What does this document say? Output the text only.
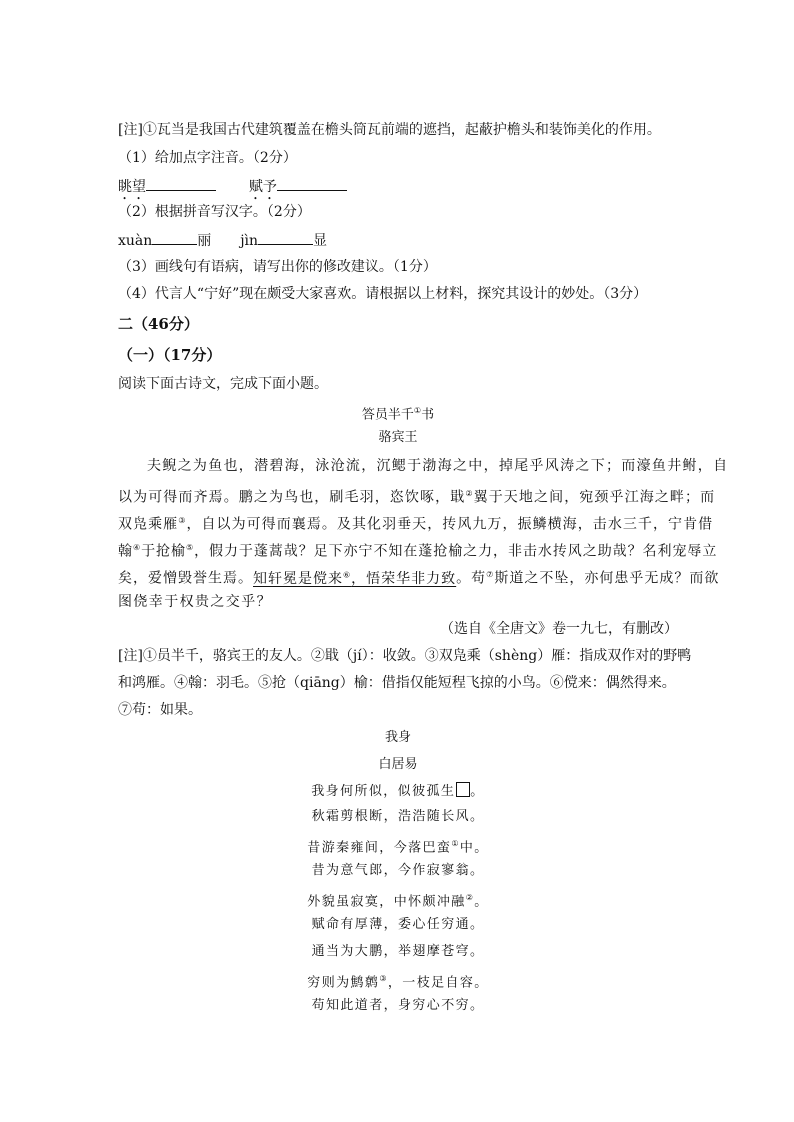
[注]①瓦当是我国古代建筑覆盖在檐头筒瓦前端的遮挡，起蔽护檐头和装饰美化的作用。
（1）给加点字注音。（2分）
眺望	赋予
（2）根据拼音写汉字。（2分）
xuàn	丽 jìn	显
（3）画线句有语病，请写出你的修改建议。（1分）
（4）代言人“宁好”现在颇受大家喜欢。请根据以上材料，探究其设计的妙处。（3分）
二（46分）
（一）（17分）
阅读下面古诗文，完成下面小题。
答员半千①书
骆宾王
夫鲵之为鱼也，潜碧海，泳沧流，沉鳃于渤海之中，掉尾乎风涛之下；而濠鱼井鲋，自
以为可得而齐焉。鹏之为鸟也，刷毛羽，恣饮啄，戢②翼于天地之间，宛颈乎江海之畔；而
双凫乘雁③，自以为可得而襄焉。及其化羽垂天，抟风九万，振鳞横海，击水三千，宁肯借
翰④于抢榆⑤，假力于蓬蒿哉？足下亦宁不知在蓬抢榆之力，非击水抟风之助哉？名利宠辱立
矣，爱憎毁誉生焉。知轩冕是傥来⑥，悟荣华非力致。苟⑦斯道之不坠，亦何患乎无成？而欲
图侥幸于权贵之交乎？
（选自《全唐文》卷一九七，有删改）
[注]①员半千，骆宾王的友人。②戢（jí）：收敛。③双凫乘（shèng）雁：指成双作对的野鸭
和鸿雁。④翰：羽毛。⑤抢（qiāng）榆：借指仅能短程飞掠的小鸟。⑥傥来：偶然得来。
⑦苟：如果。
我身
白居易
我身何所似，似彼孤生 。
秋霜剪根断，浩浩随长风。
昔游秦雍间，今落巴蛮①中。
昔为意气郎，今作寂寥翁。
外貌虽寂寞，中怀颇冲融②。
赋命有厚薄，委心任穷通。
通当为大鹏，举翅摩苍穹。
穷则为鹪鹩③，一枝足自容。
苟知此道者，身穷心不穷。
